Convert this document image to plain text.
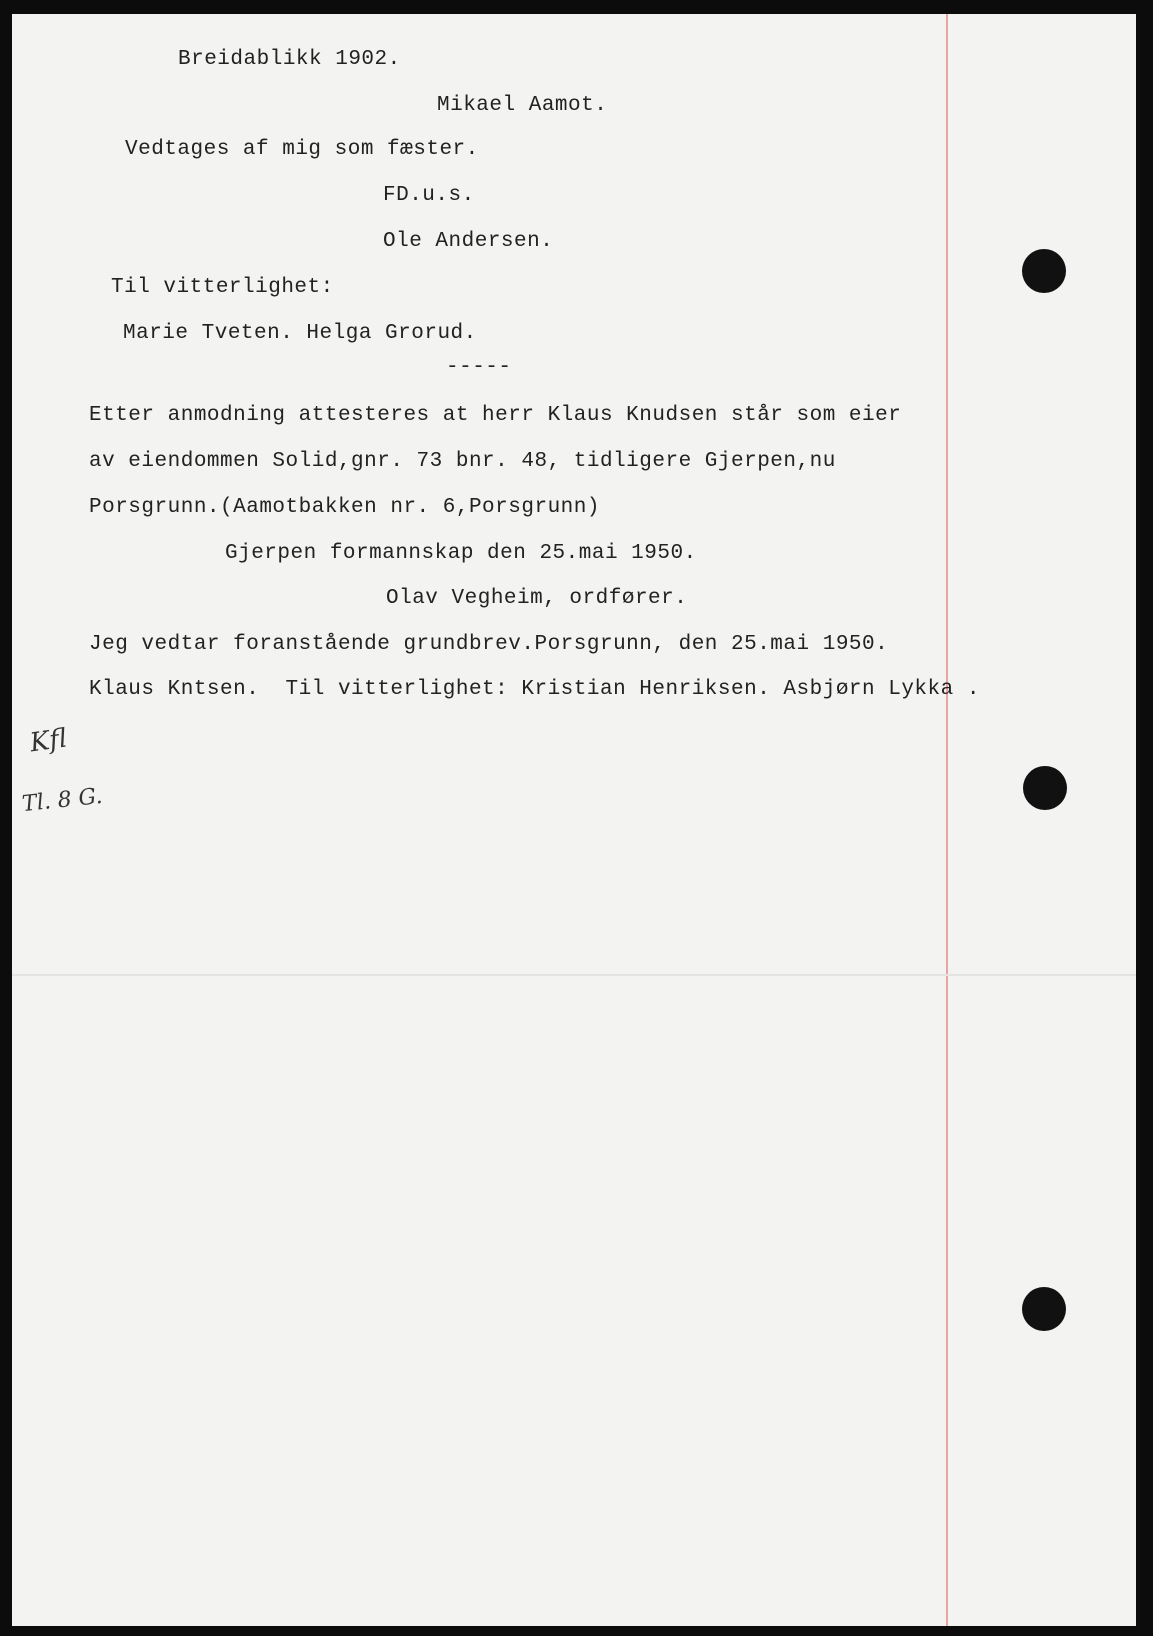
Breidablikk 1902.

Mikael Aamot.

Vedtages af mig som fæster.

FD.u.s.

Ole Andersen.

Til vitterlighet:

Marie Tveten. Helga Grorud.

-----

Etter anmodning attesteres at herr Klaus Knudsen står som eier

av eiendommen Solid,gnr. 73 bnr. 48, tidligere Gjerpen,nu

Porsgrunn.(Aamotbakken nr. 6,Porsgrunn)

Gjerpen formannskap den 25.mai 1950.

Olav Vegheim, ordfører.

Jeg vedtar foranstående grundbrev.Porsgrunn, den 25.mai 1950.

Klaus Kntsen.  Til vitterlighet: Kristian Henriksen. Asbjørn Lykka .

Kfl

Tl. 8 G.
